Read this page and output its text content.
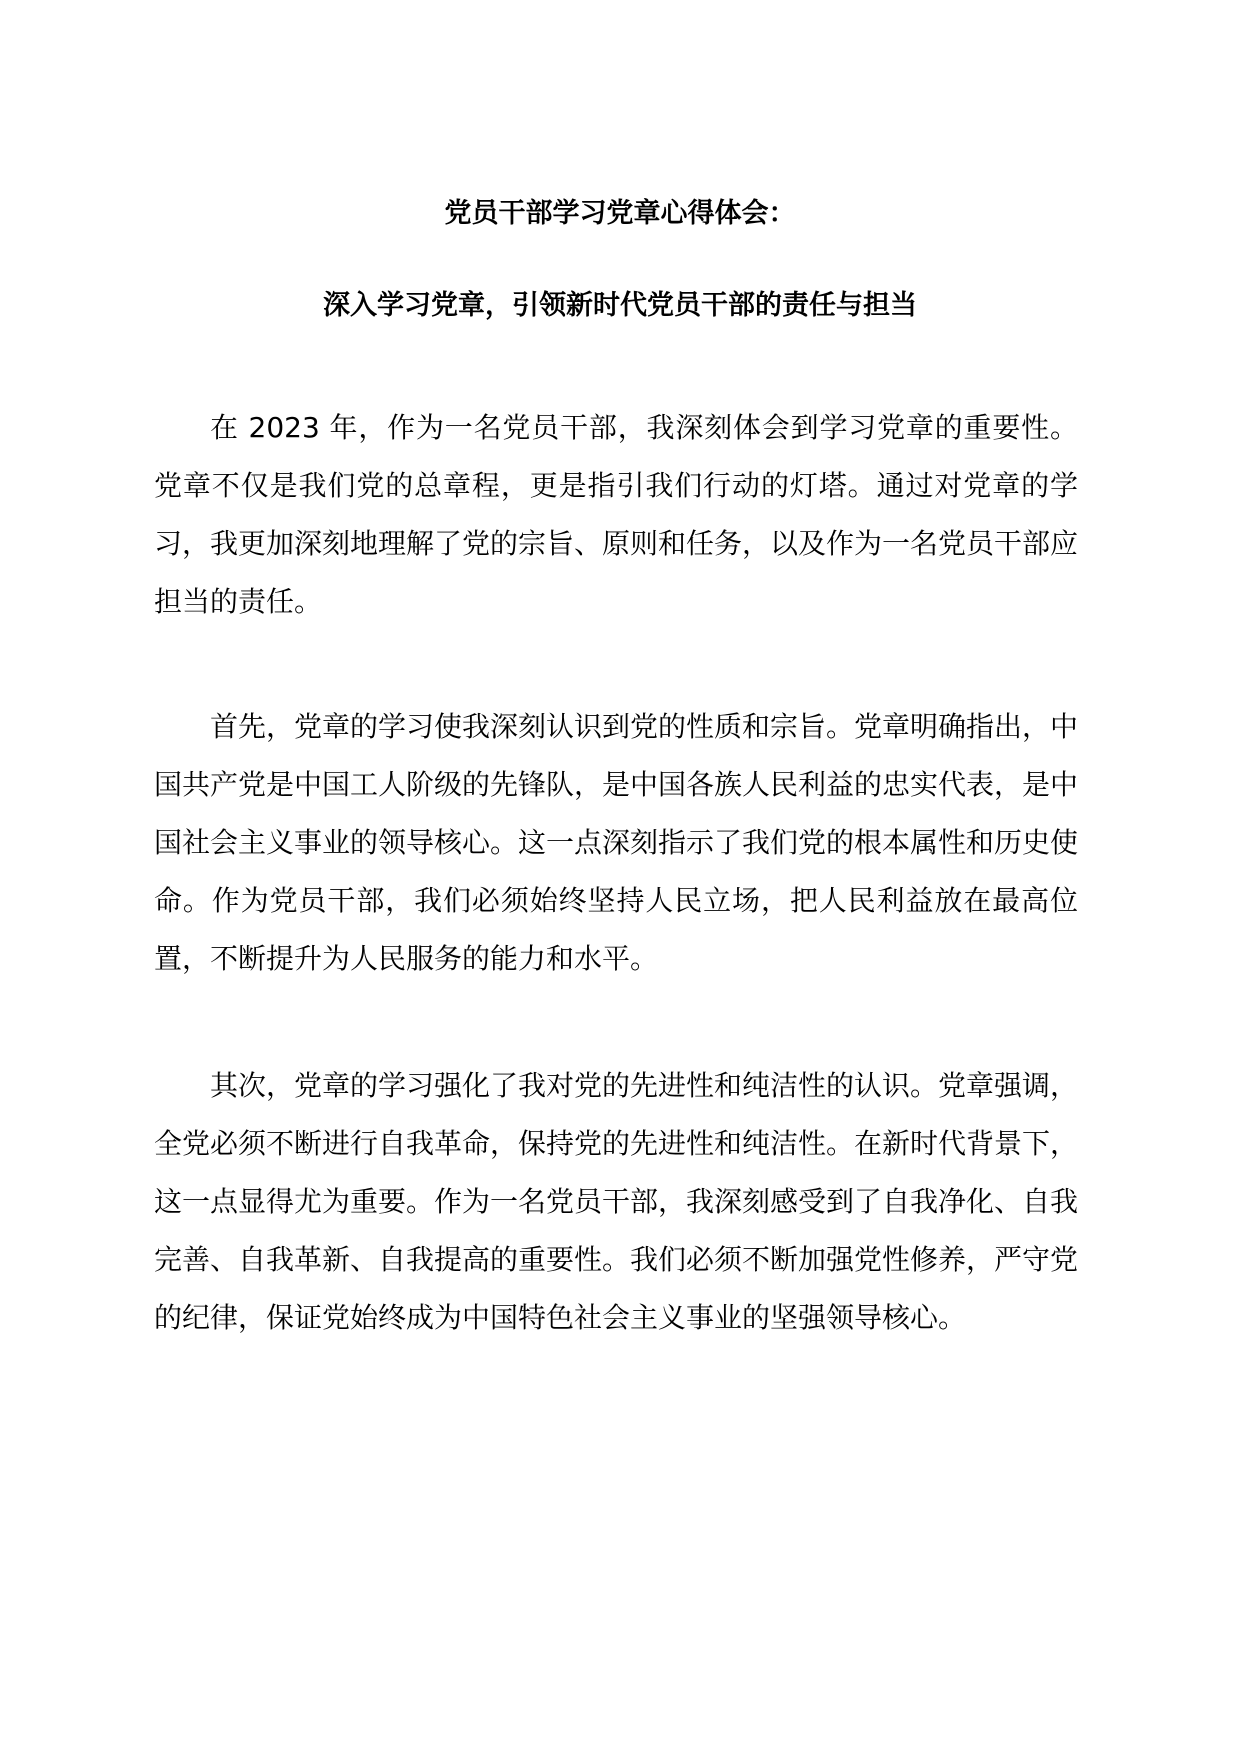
党员干部学习党章心得体会：
深入学习党章，引领新时代党员干部的责任与担当

在 2023 年，作为一名党员干部，我深刻体会到学习党章的重要性。党章不仅是我们党的总章程，更是指引我们行动的灯塔。通过对党章的学习，我更加深刻地理解了党的宗旨、原则和任务，以及作为一名党员干部应担当的责任。

首先，党章的学习使我深刻认识到党的性质和宗旨。党章明确指出，中国共产党是中国工人阶级的先锋队，是中国各族人民利益的忠实代表，是中国社会主义事业的领导核心。这一点深刻指示了我们党的根本属性和历史使命。作为党员干部，我们必须始终坚持人民立场，把人民利益放在最高位置，不断提升为人民服务的能力和水平。

其次，党章的学习强化了我对党的先进性和纯洁性的认识。党章强调，全党必须不断进行自我革命，保持党的先进性和纯洁性。在新时代背景下，这一点显得尤为重要。作为一名党员干部，我深刻感受到了自我净化、自我完善、自我革新、自我提高的重要性。我们必须不断加强党性修养，严守党的纪律，保证党始终成为中国特色社会主义事业的坚强领导核心。
